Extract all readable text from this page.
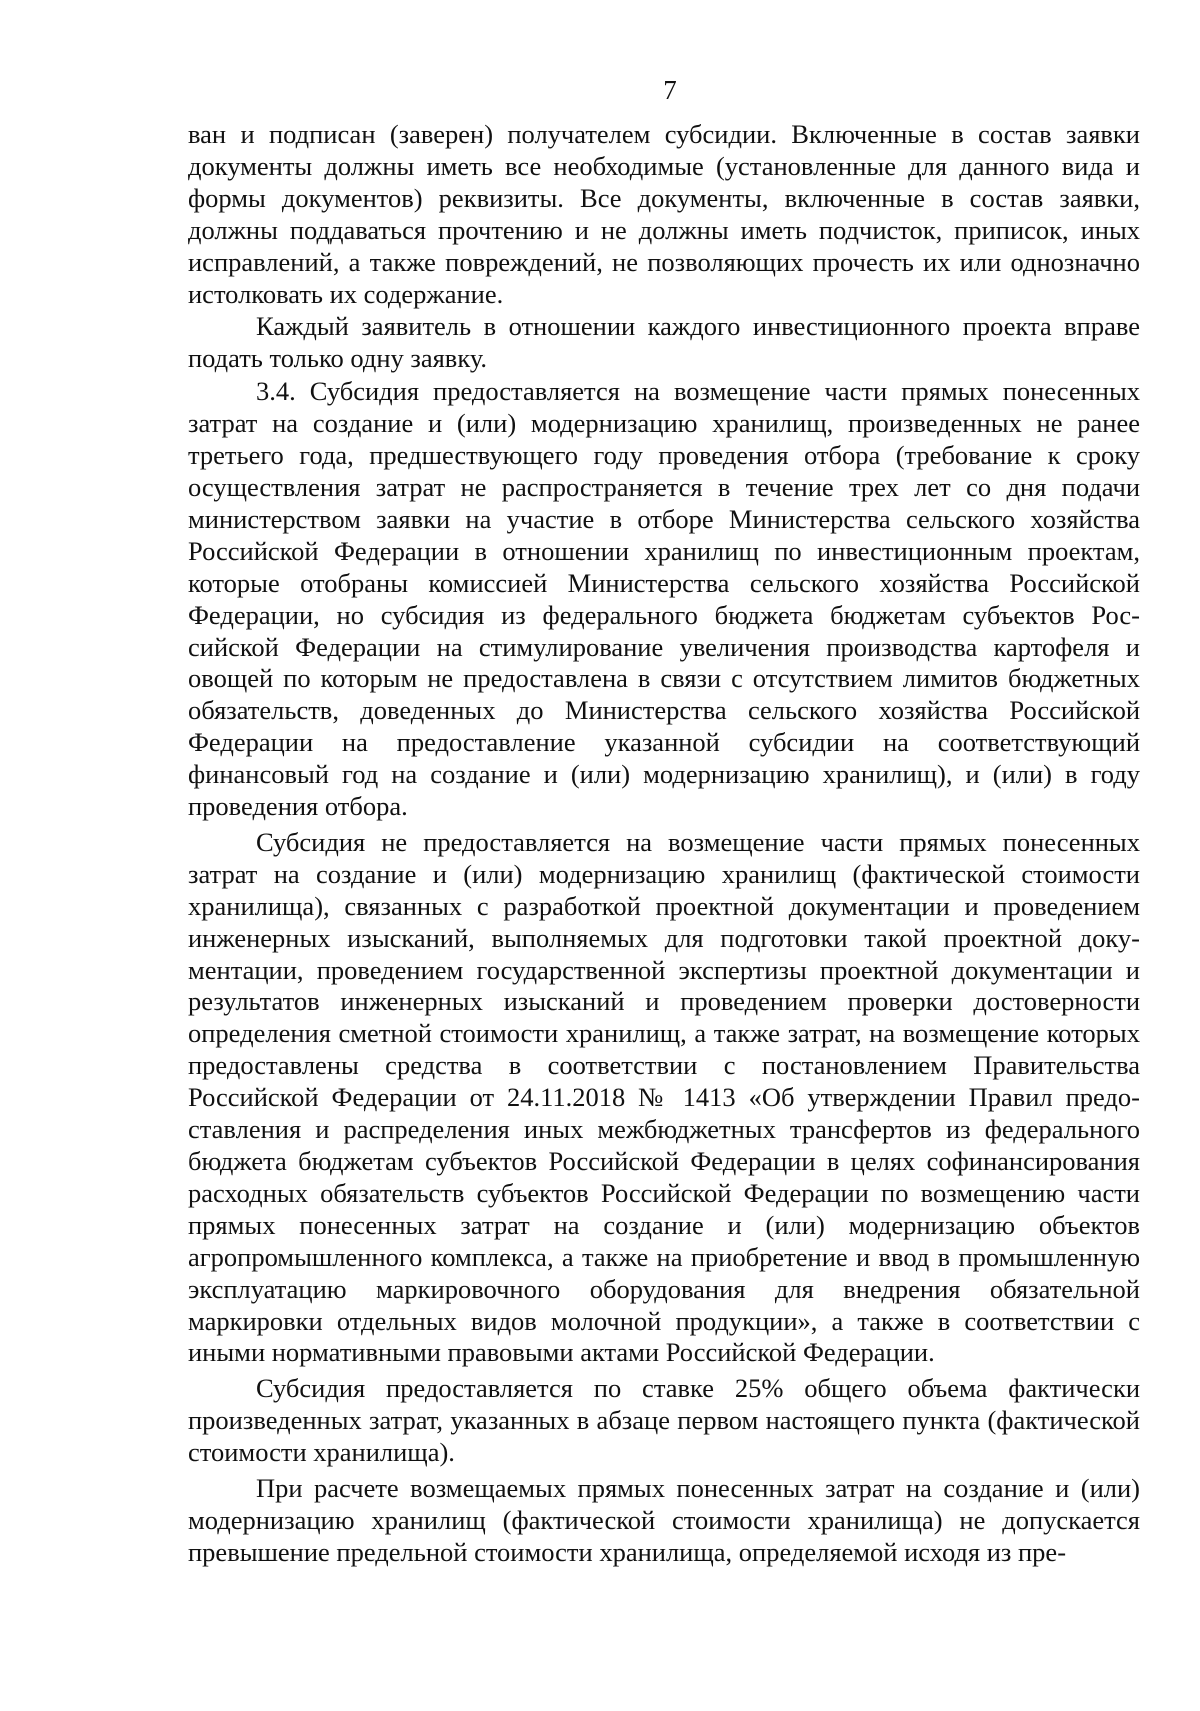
7

ван и подписан (заверен) получателем субсидии. Включенные в состав заявки документы должны иметь все необходимые (установленные для данного вида и формы документов) реквизиты. Все документы, включенные в состав заявки, должны поддаваться прочтению и не должны иметь подчисток, приписок, иных исправлений, а также повреждений, не позволяющих прочесть их или однозначно истолковать их содержание.

Каждый заявитель в отношении каждого инвестиционного проекта вправе подать только одну заявку.

3.4. Субсидия предоставляется на возмещение части прямых понесенных затрат на создание и (или) модернизацию хранилищ, произведенных не ранее третьего года, предшествующего году проведения отбора (требование к сроку осуществления затрат не распространяется в течение трех лет со дня подачи министерством заявки на участие в отборе Министерства сельского хозяйства Российской Федерации в отношении хранилищ по инвестиционным проектам, которые отобраны комиссией Министерства сельского хозяйства Российской Федерации, но субсидия из федерального бюджета бюджетам субъектов Российской Федерации на стимулирование увеличения производства картофеля и овощей по которым не предоставлена в связи с отсутствием лимитов бюджетных обязательств, доведенных до Министерства сельского хозяйства Российской Федерации на предоставление указанной субсидии на соответствующий финансовый год на создание и (или) модернизацию хранилищ), и (или) в году проведения отбора.

Субсидия не предоставляется на возмещение части прямых понесенных затрат на создание и (или) модернизацию хранилищ (фактической стоимости хранилища), связанных с разработкой проектной документации и проведением инженерных изысканий, выполняемых для подготовки такой проектной документации, проведением государственной экспертизы проектной документации и результатов инженерных изысканий и проведением проверки достоверности определения сметной стоимости хранилищ, а также затрат, на возмещение которых предоставлены средства в соответствии с постановлением Правительства Российской Федерации от 24.11.2018 № 1413 «Об утверждении Правил предоставления и распределения иных межбюджетных трансфертов из федерального бюджета бюджетам субъектов Российской Федерации в целях софинансирования расходных обязательств субъектов Российской Федерации по возмещению части прямых понесенных затрат на создание и (или) модернизацию объектов агропромышленного комплекса, а также на приобретение и ввод в промышленную эксплуатацию маркировочного оборудования для внедрения обязательной маркировки отдельных видов молочной продукции», а также в соответствии с иными нормативными правовыми актами Российской Федерации.

Субсидия предоставляется по ставке 25% общего объема фактически произведенных затрат, указанных в абзаце первом настоящего пункта (фактической стоимости хранилища).

При расчете возмещаемых прямых понесенных затрат на создание и (или) модернизацию хранилищ (фактической стоимости хранилища) не допускается превышение предельной стоимости хранилища, определяемой исходя из пре-
